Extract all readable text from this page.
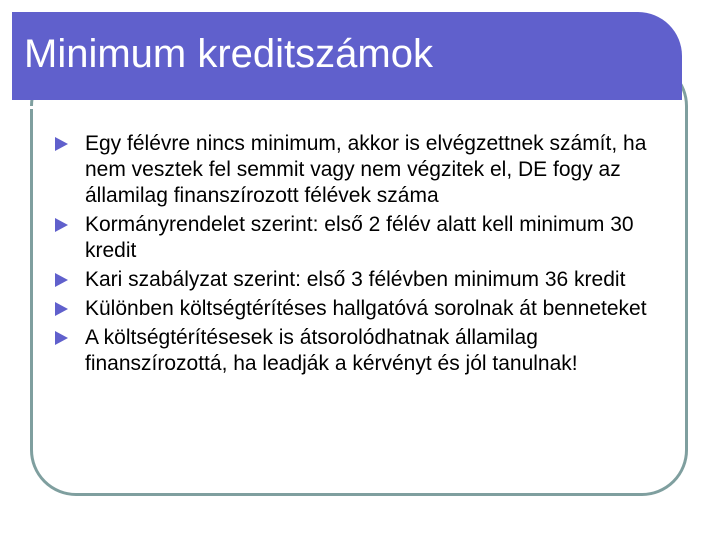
Minimum kreditszámok
Egy félévre nincs minimum, akkor is elvégzettnek számít, ha nem vesztek fel semmit vagy nem végzitek el, DE fogy az államilag finanszírozott félévek száma
Kormányrendelet szerint: első 2 félév alatt kell minimum 30 kredit
Kari szabályzat szerint: első 3 félévben minimum 36 kredit
Különben költségtérítéses hallgatóvá sorolnak át benneteket
A költségtérítésesek is átsorolódhatnak államilag finanszírozottá, ha leadják a kérvényt és jól tanulnak!
